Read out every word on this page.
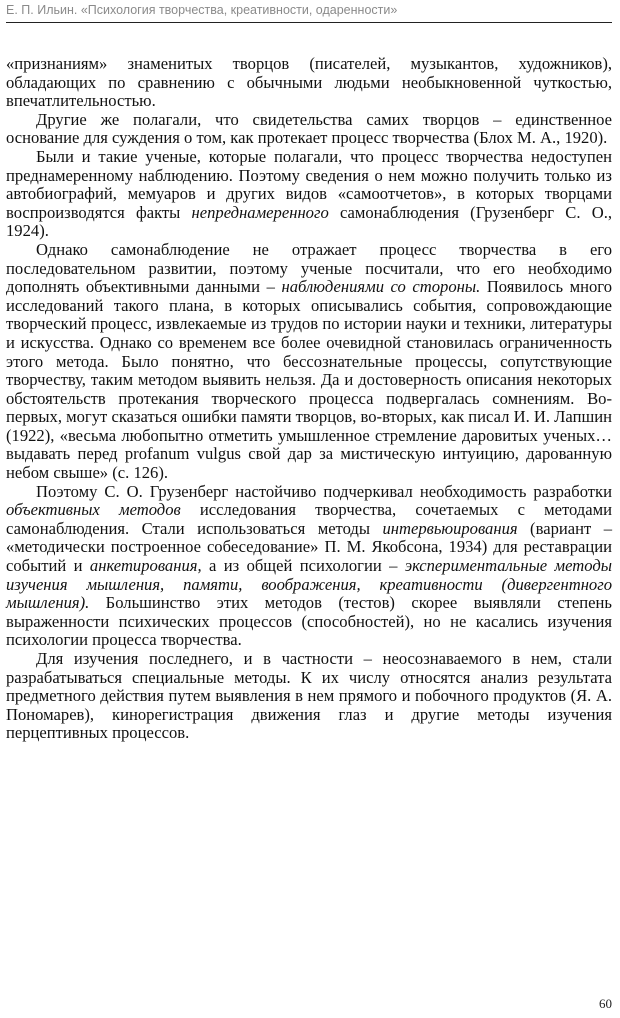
Е. П. Ильин. «Психология творчества, креативности, одаренности»

«признаниям» знаменитых творцов (писателей, музыкантов, художников), обладающих по сравнению с обычными людьми необыкновенной чуткостью, впечатлительностью.

Другие же полагали, что свидетельства самих творцов – единственное основание для суждения о том, как протекает процесс творчества (Блох М. А., 1920).

Были и такие ученые, которые полагали, что процесс творчества недоступен преднамеренному наблюдению. Поэтому сведения о нем можно получить только из автобиографий, мемуаров и других видов «самоотчетов», в которых творцами воспроизводятся факты непреднамеренного самонаблюдения (Грузенберг С. О., 1924).

Однако самонаблюдение не отражает процесс творчества в его последовательном развитии, поэтому ученые посчитали, что его необходимо дополнять объективными данными – наблюдениями со стороны. Появилось много исследований такого плана, в которых описывались события, сопровождающие творческий процесс, извлекаемые из трудов по истории науки и техники, литературы и искусства. Однако со временем все более очевидной становилась ограниченность этого метода. Было понятно, что бессознательные процессы, сопутствующие творчеству, таким методом выявить нельзя. Да и достоверность описания некоторых обстоятельств протекания творческого процесса подвергалась сомнениям. Во-первых, могут сказаться ошибки памяти творцов, во-вторых, как писал И. И. Лапшин (1922), «весьма любопытно отметить умышленное стремление даровитых ученых… выдавать перед profanum vulgus свой дар за мистическую интуицию, дарованную небом свыше» (с. 126).

Поэтому С. О. Грузенберг настойчиво подчеркивал необходимость разработки объективных методов исследования творчества, сочетаемых с методами самонаблюдения. Стали использоваться методы интервьюирования (вариант – «методически построенное собеседование» П. М. Якобсона, 1934) для реставрации событий и анкетирования, а из общей психологии – экспериментальные методы изучения мышления, памяти, воображения, креативности (дивергентного мышления). Большинство этих методов (тестов) скорее выявляли степень выраженности психических процессов (способностей), но не касались изучения психологии процесса творчества.

Для изучения последнего, и в частности – неосознаваемого в нем, стали разрабатываться специальные методы. К их числу относятся анализ результата предметного действия путем выявления в нем прямого и побочного продуктов (Я. А. Пономарев), кинорегистрация движения глаз и другие методы изучения перцептивных процессов.

60
